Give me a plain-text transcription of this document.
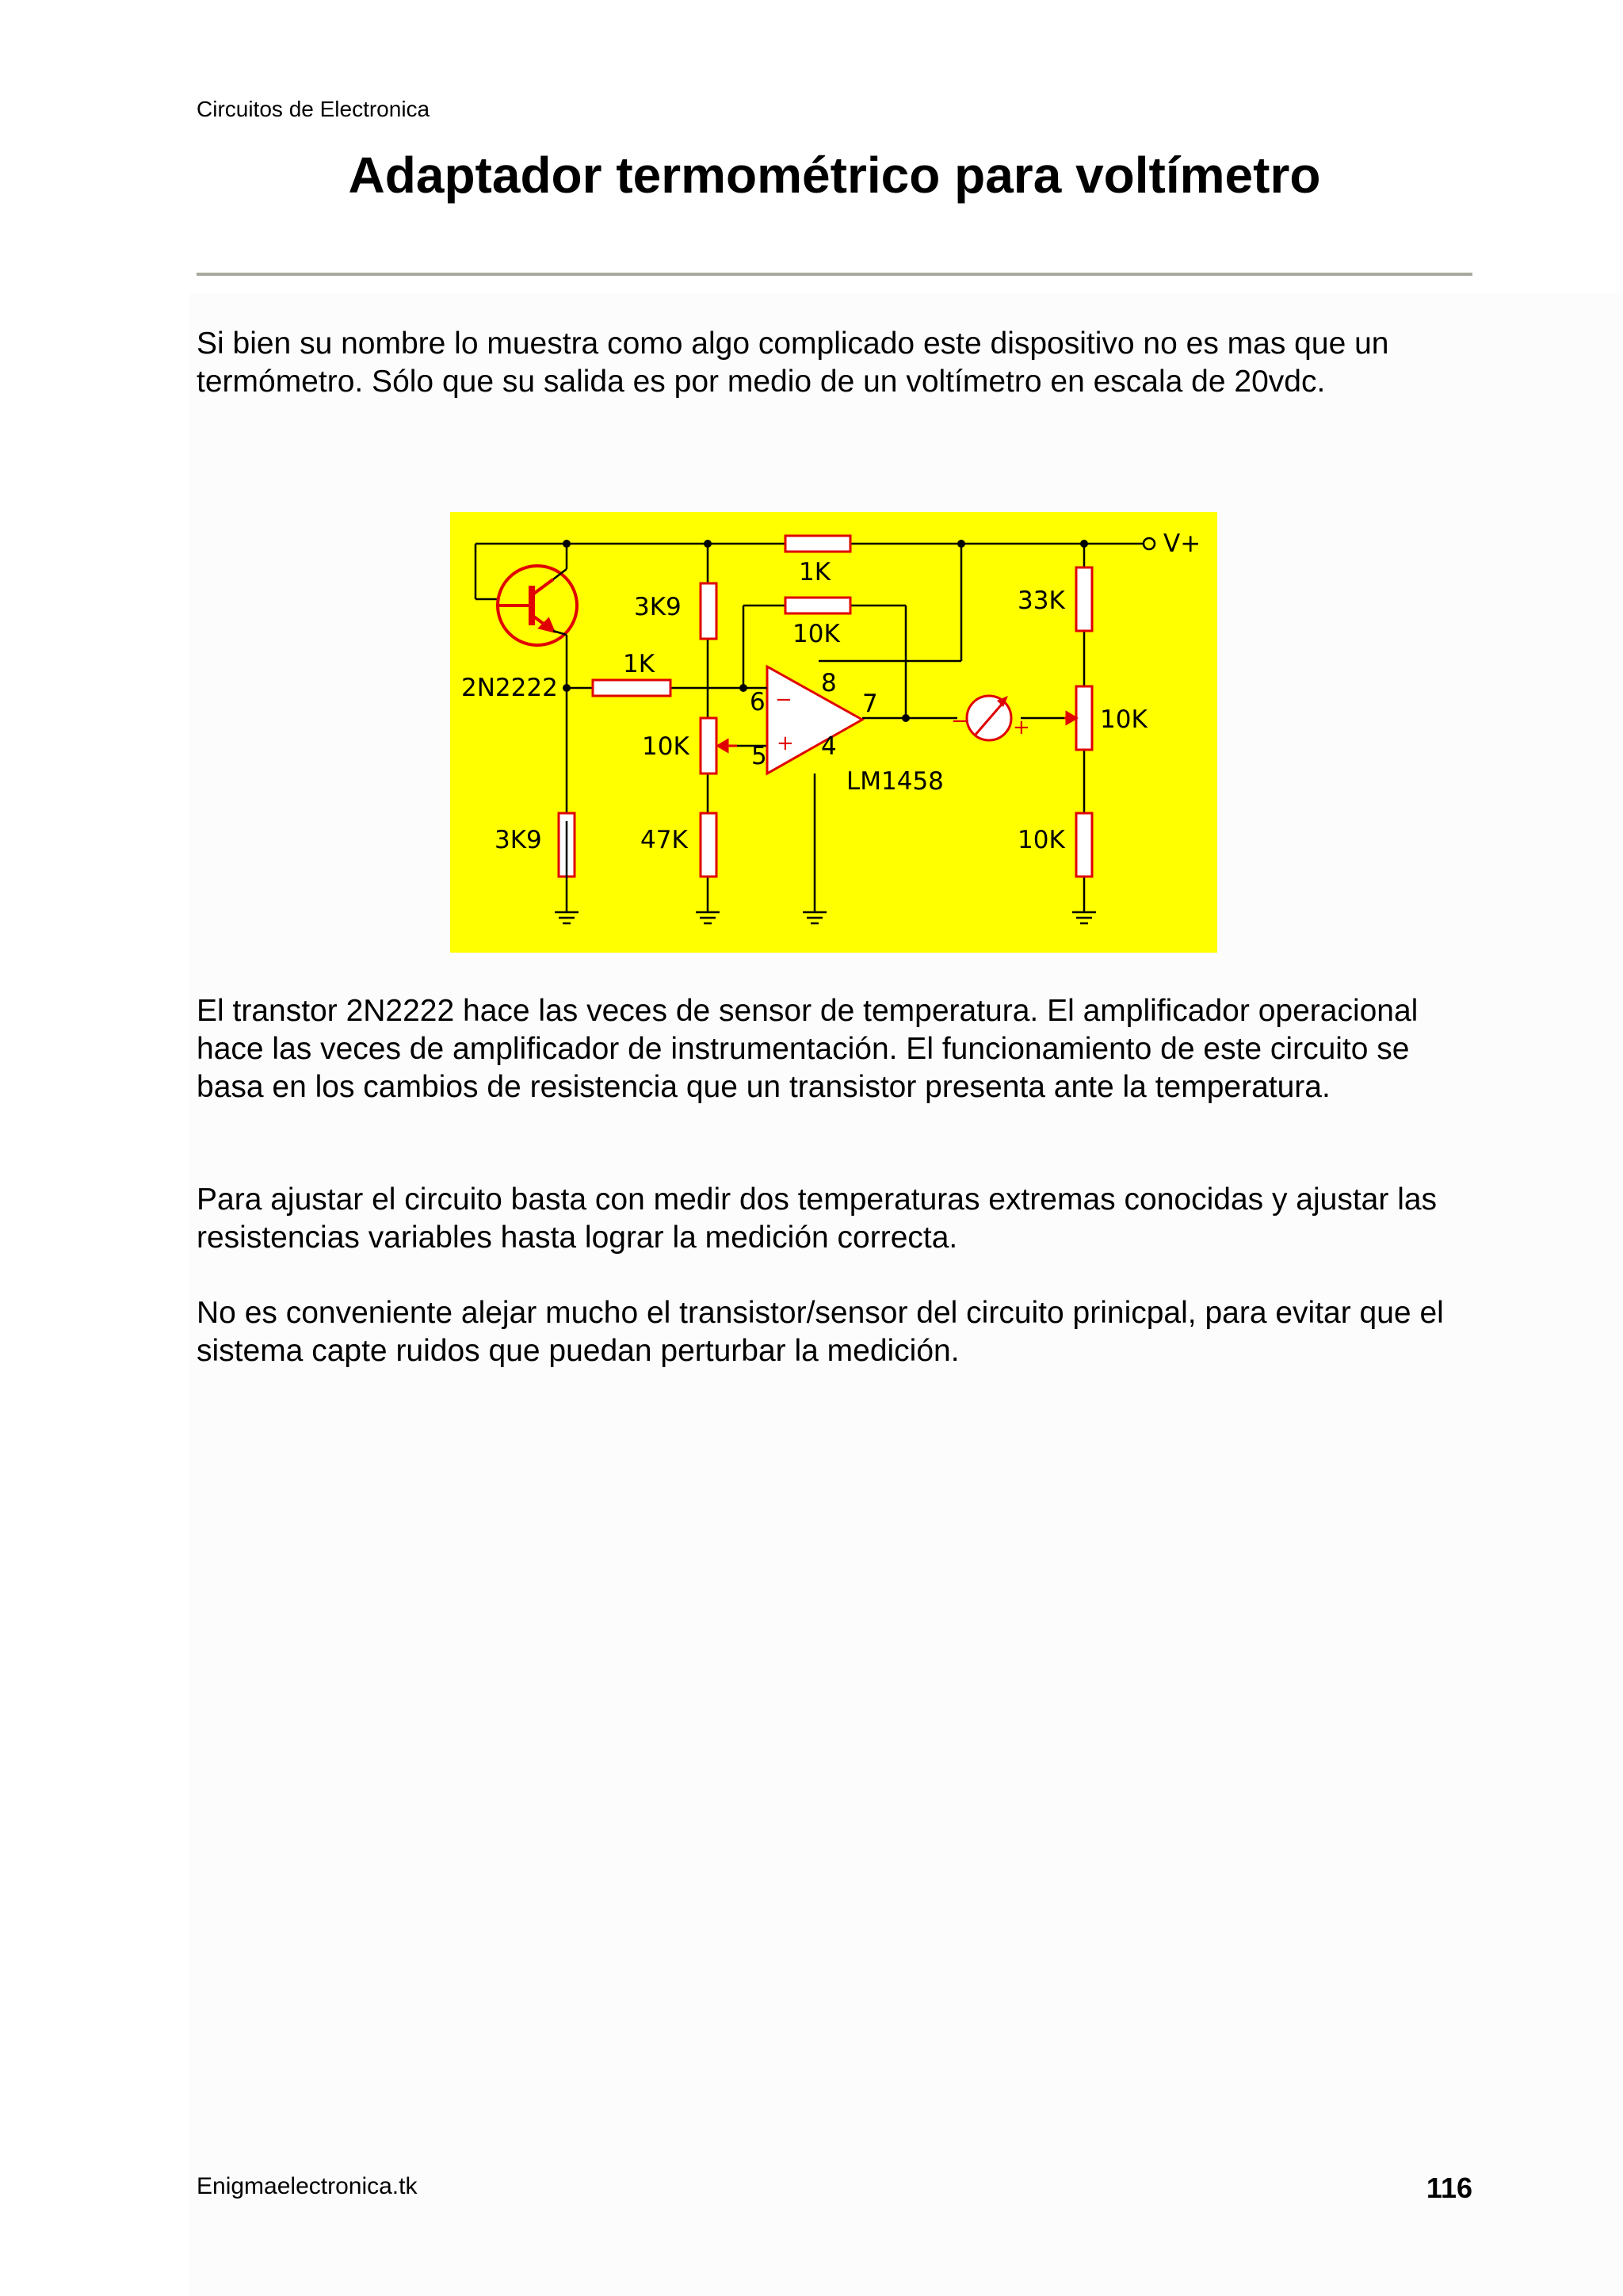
Circuitos de Electronica
Adaptador termométrico para voltímetro

Si bien su nombre lo muestra como algo complicado este dispositivo no es mas que un termómetro. Sólo que su salida es por medio de un voltímetro en escala de 20vdc.

−
+
− +
V+
2N2222
1K
10K
3K9
1K
10K
3K9	47K
33K
10K
10K
LM1458
6
5
8
4
7

El transtor 2N2222 hace las veces de sensor de temperatura. El amplificador operacional hace las veces de amplificador de instrumentación. El funcionamiento de este circuito se basa en los cambios de resistencia que un transistor presenta ante la temperatura.

Para ajustar el circuito basta con medir dos temperaturas extremas conocidas y ajustar las resistencias variables hasta lograr la medición correcta.

No es conveniente alejar mucho el transistor/sensor del circuito prinicpal, para evitar que el sistema capte ruidos que puedan perturbar la medición.

Enigmaelectronica.tk	116
